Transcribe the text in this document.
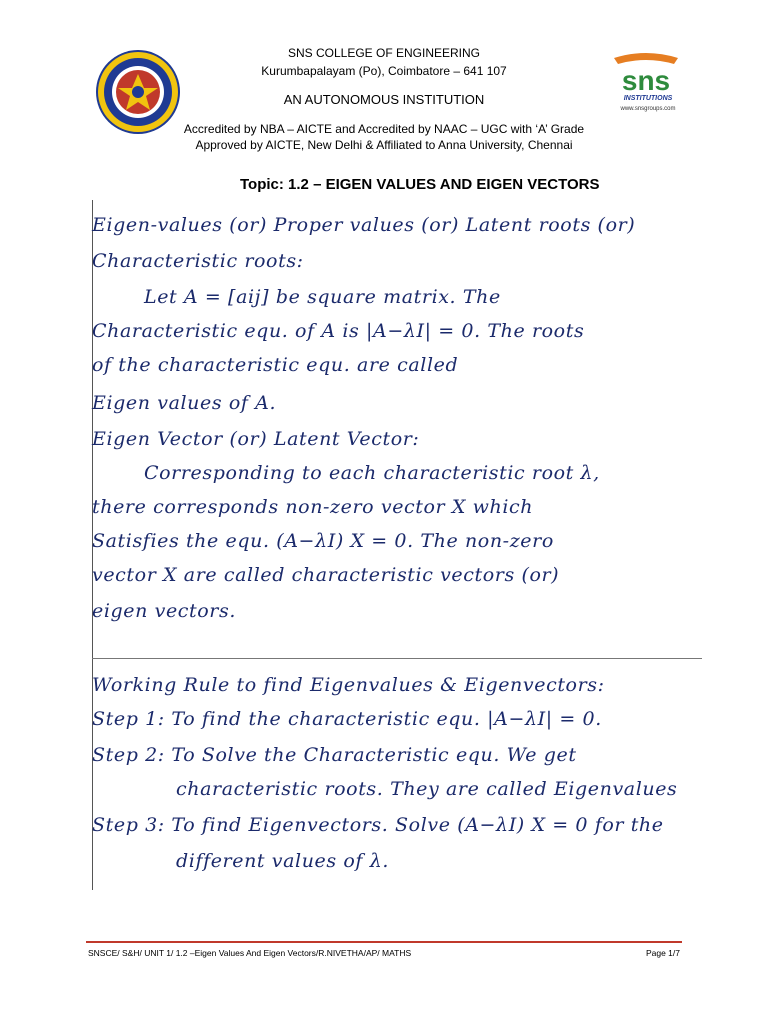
SNS COLLEGE OF ENGINEERING
Kurumbapalayam (Po), Coimbatore – 641 107
AN AUTONOMOUS INSTITUTION
Accredited by NBA – AICTE and Accredited by NAAC – UGC with ‘A’ Grade
Approved by AICTE, New Delhi & Affiliated to Anna University, Chennai
sns
INSTITUTIONS
www.snsgroups.com
Topic: 1.2 – EIGEN VALUES AND EIGEN VECTORS
Eigen-values (or) Proper values (or) Latent roots (or)
Characteristic roots:
Let A = [aij] be square matrix. The
Characteristic equ. of A is |A−λI| = 0. The roots
of the characteristic equ. are called
Eigen values of A.
Eigen Vector (or) Latent Vector:
Corresponding to each characteristic root λ,
there corresponds non-zero vector X which
Satisfies the equ. (A−λI) X = 0. The non-zero
vector X are called characteristic vectors (or)
eigen vectors.
Working Rule to find Eigenvalues & Eigenvectors:
Step 1: To find the characteristic equ. |A−λI| = 0.
Step 2: To Solve the Characteristic equ. We get
characteristic roots. They are called Eigenvalues
Step 3: To find Eigenvectors. Solve (A−λI) X = 0 for the
different values of λ.
SNSCE/ S&H/ UNIT 1/ 1.2 –Eigen Values And Eigen Vectors/R.NIVETHA/AP/ MATHS	Page 1/7
